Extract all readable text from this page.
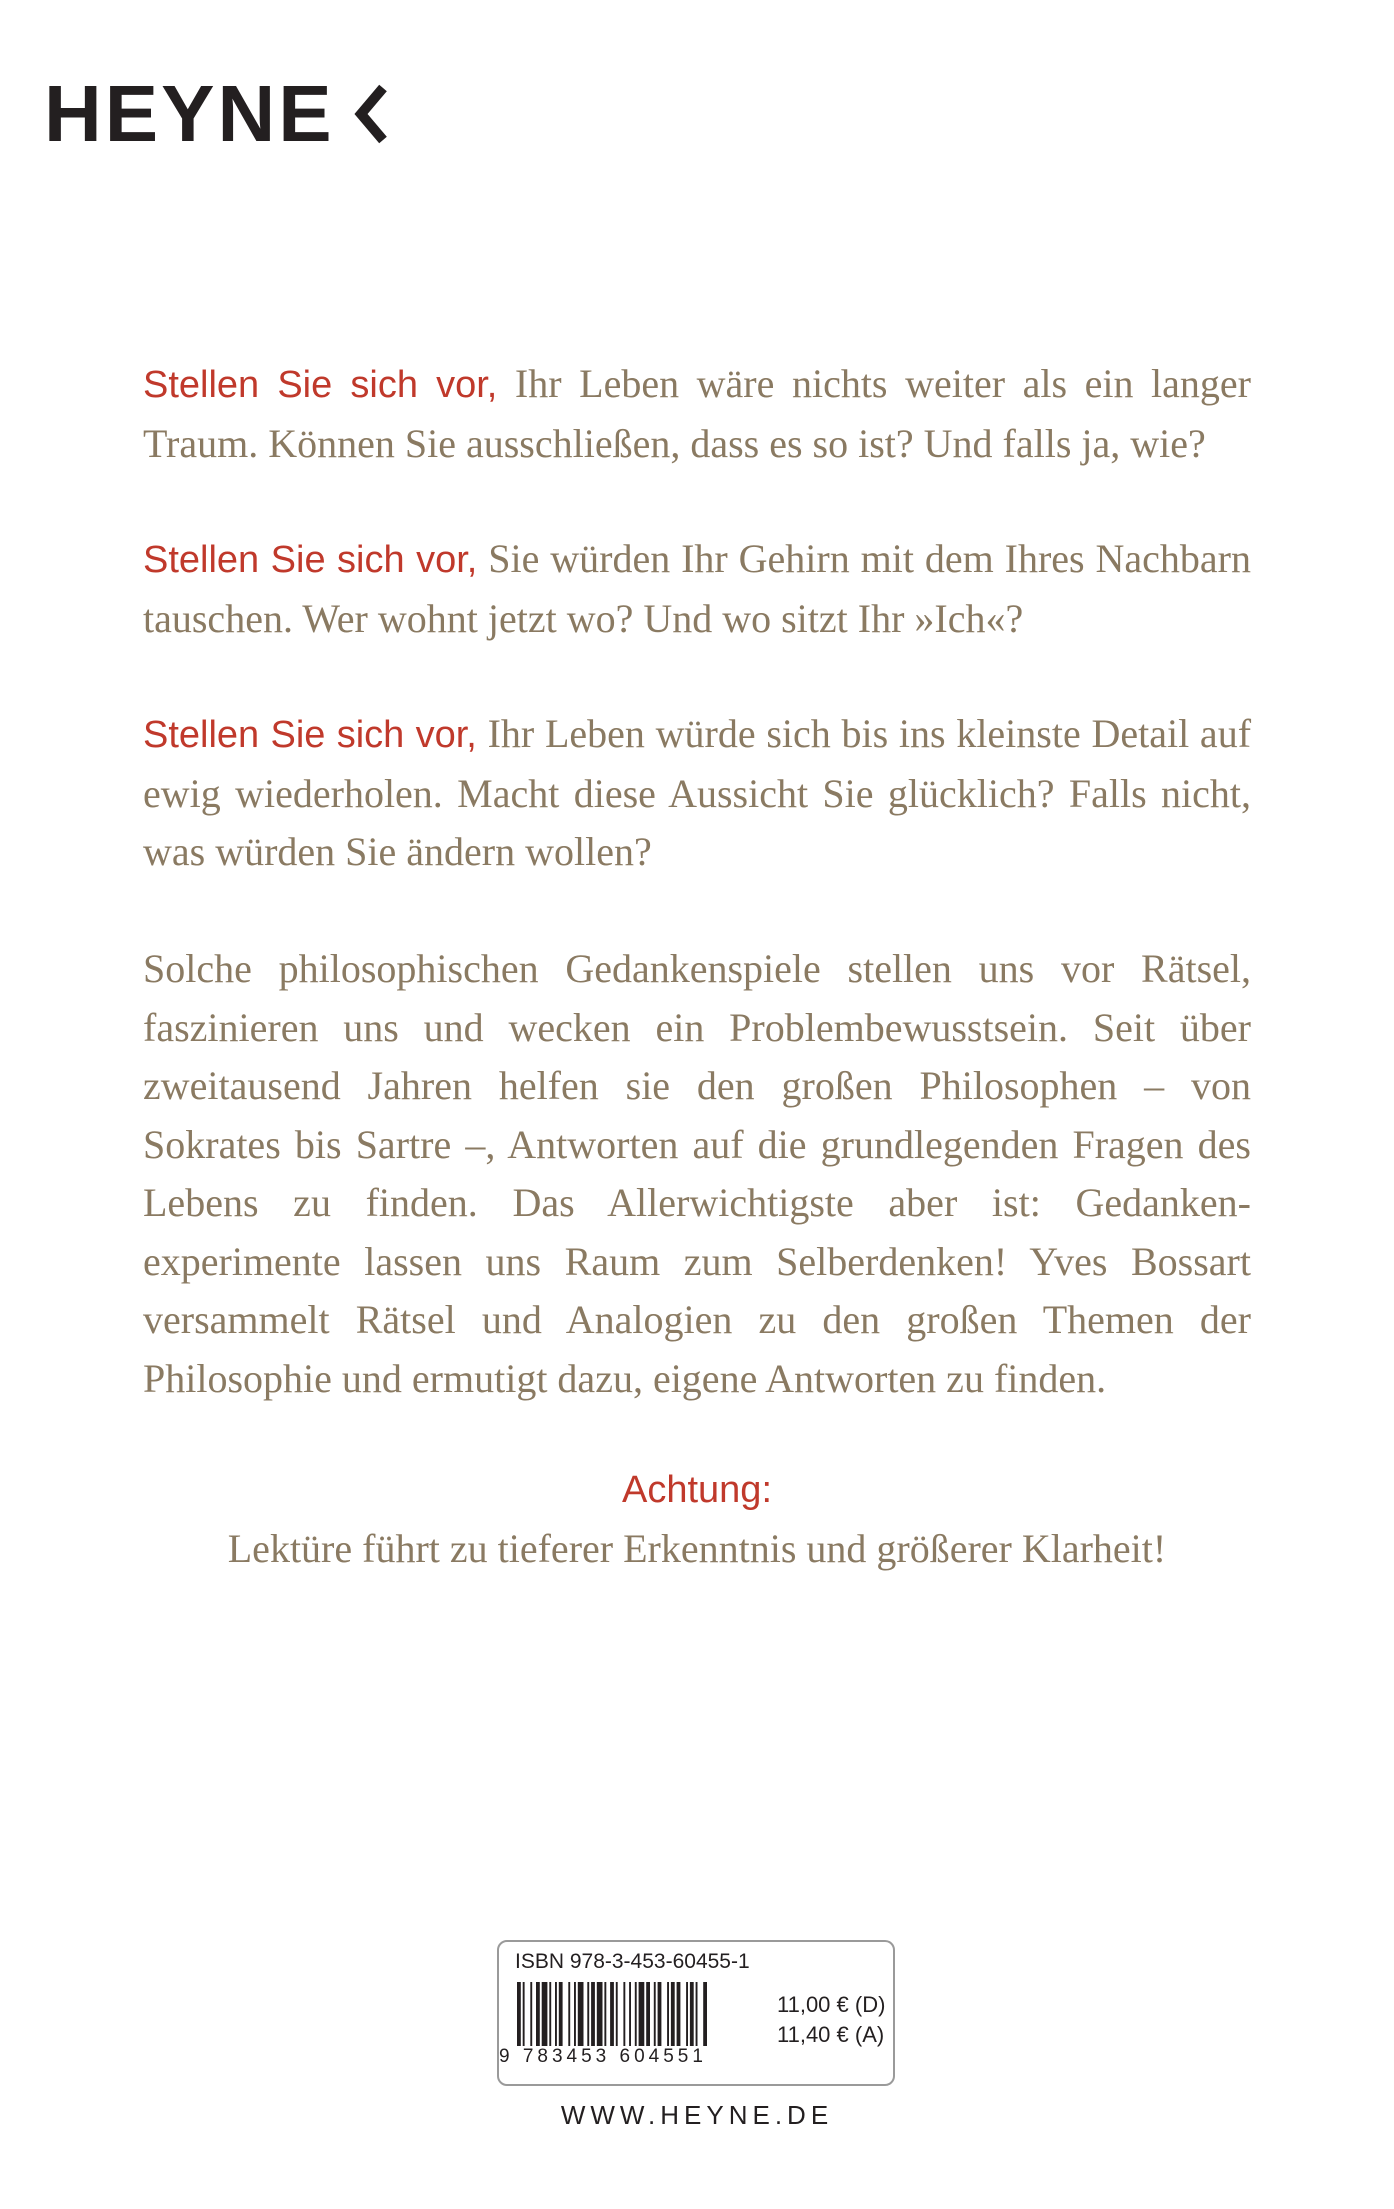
HEYNE

Stellen Sie sich vor, Ihr Leben wäre nichts weiter als ein langer Traum. Können Sie ausschließen, dass es so ist? Und falls ja, wie?

Stellen Sie sich vor, Sie würden Ihr Gehirn mit dem Ihres Nachbarn tauschen. Wer wohnt jetzt wo? Und wo sitzt Ihr »Ich«?

Stellen Sie sich vor, Ihr Leben würde sich bis ins kleinste Detail auf ewig wiederholen. Macht diese Aussicht Sie glücklich? Falls nicht, was würden Sie ändern wollen?

Solche philosophischen Gedankenspiele stellen uns vor Rätsel, faszinieren uns und wecken ein Problembewusstsein. Seit über zweitausend Jahren helfen sie den großen Philosophen – von Sokrates bis Sartre –, Antworten auf die grundlegenden Fragen des Lebens zu finden. Das Allerwichtigste aber ist: Gedankenexperimente lassen uns Raum zum Selberdenken! Yves Bossart versammelt Rätsel und Analogien zu den großen Themen der Philosophie und ermutigt dazu, eigene Antworten zu finden.

Achtung:

Lektüre führt zu tieferer Erkenntnis und größerer Klarheit!

ISBN 978-3-453-60455-1
9 783453 604551
11,00 € (D)
11,40 € (A)
WWW.HEYNE.DE
